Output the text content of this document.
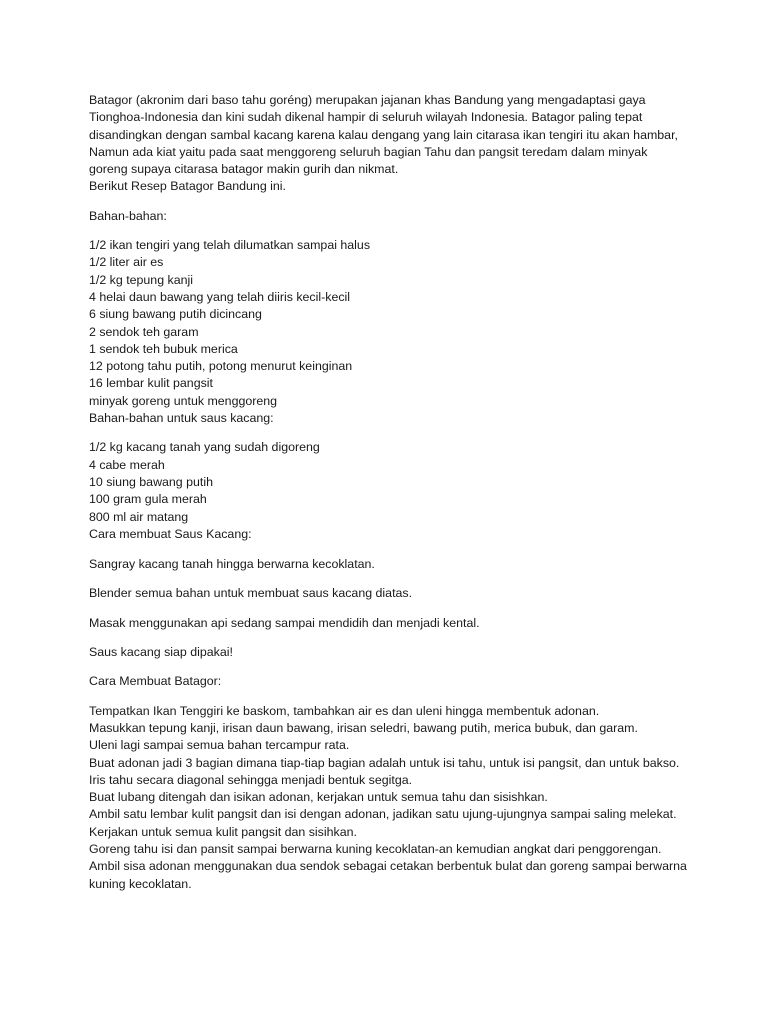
Batagor (akronim dari baso tahu goréng) merupakan jajanan khas Bandung yang mengadaptasi gaya Tionghoa-Indonesia dan kini sudah dikenal hampir di seluruh wilayah Indonesia. Batagor paling tepat disandingkan dengan sambal kacang karena kalau dengang yang lain citarasa ikan tengiri itu akan hambar, Namun ada kiat yaitu pada saat menggoreng seluruh bagian Tahu dan pangsit teredam dalam minyak goreng supaya citarasa batagor makin gurih dan nikmat.

Berikut Resep Batagor Bandung ini.

Bahan-bahan:

1/2 ikan tengiri yang telah dilumatkan sampai halus

1/2 liter air es

1/2 kg tepung kanji

4 helai daun bawang yang telah diiris kecil-kecil

6 siung bawang putih dicincang

2 sendok teh garam

1 sendok teh bubuk merica

12 potong tahu putih, potong menurut keinginan

16 lembar kulit pangsit

minyak goreng untuk menggoreng

Bahan-bahan untuk saus kacang:

1/2 kg kacang tanah yang sudah digoreng

4 cabe merah

10 siung bawang putih

100 gram gula merah

800 ml air matang

Cara membuat Saus Kacang:

Sangray kacang tanah hingga berwarna kecoklatan.

Blender semua bahan untuk membuat saus kacang diatas.

Masak menggunakan api sedang sampai mendidih dan menjadi kental.

Saus kacang siap dipakai!

Cara Membuat Batagor:

Tempatkan Ikan Tenggiri ke baskom, tambahkan air es dan uleni hingga membentuk adonan.

Masukkan tepung kanji, irisan daun bawang, irisan seledri, bawang putih, merica bubuk, dan garam.

Uleni lagi sampai semua bahan tercampur rata.

Buat adonan jadi 3 bagian dimana tiap-tiap bagian adalah untuk isi tahu, untuk isi pangsit, dan untuk bakso.

Iris tahu secara diagonal sehingga menjadi bentuk segitga.

Buat lubang ditengah dan isikan adonan, kerjakan untuk semua tahu dan sisishkan.

Ambil satu lembar kulit pangsit dan isi dengan adonan, jadikan satu ujung-ujungnya sampai saling melekat.

Kerjakan untuk semua kulit pangsit dan sisihkan.

Goreng tahu isi dan pansit sampai berwarna kuning kecoklatan-an kemudian angkat dari penggorengan.

Ambil sisa adonan menggunakan dua sendok sebagai cetakan berbentuk bulat dan goreng sampai berwarna kuning kecoklatan.
